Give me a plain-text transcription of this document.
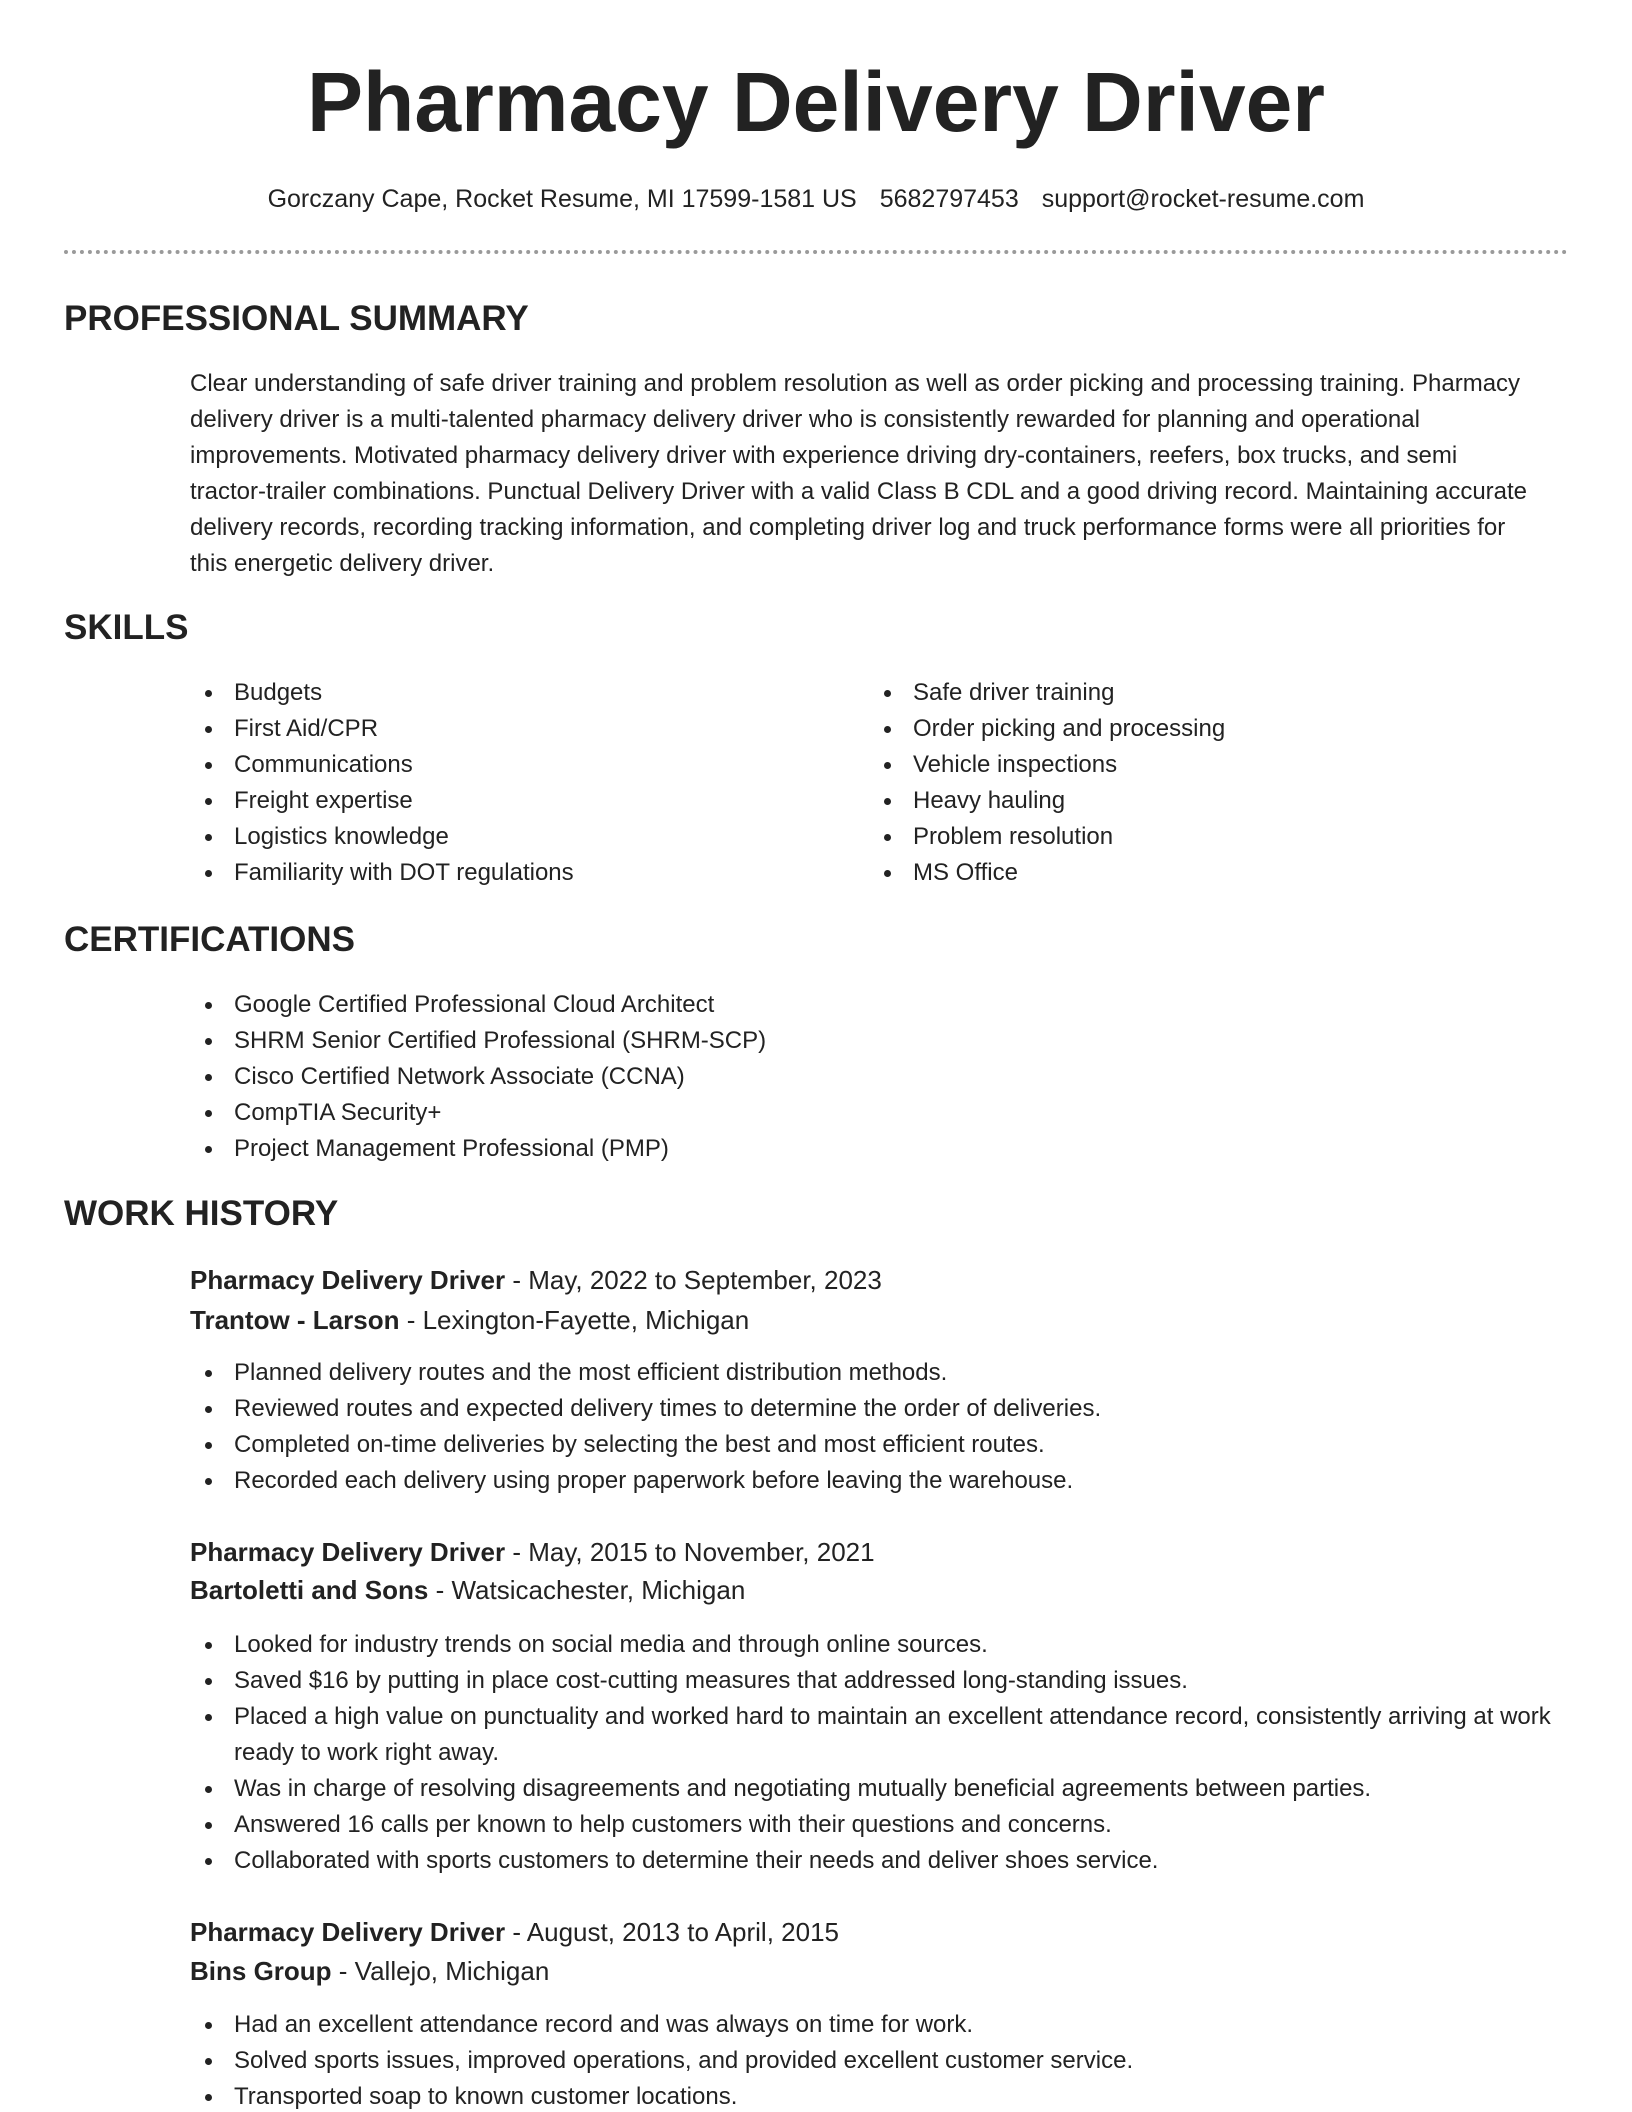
Pharmacy Delivery Driver
Gorczany Cape, Rocket Resume, MI 17599-1581 US 5682797453 support@rocket-resume.com
PROFESSIONAL SUMMARY

Clear understanding of safe driver training and problem resolution as well as order picking and processing training. Pharmacy delivery driver is a multi-talented pharmacy delivery driver who is consistently rewarded for planning and operational improvements. Motivated pharmacy delivery driver with experience driving dry-containers, reefers, box trucks, and semi tractor-trailer combinations. Punctual Delivery Driver with a valid Class B CDL and a good driving record. Maintaining accurate delivery records, recording tracking information, and completing driver log and truck performance forms were all priorities for this energetic delivery driver.

SKILLS
Budgets
First Aid/CPR
Communications
Freight expertise
Logistics knowledge
Familiarity with DOT regulations
Safe driver training
Order picking and processing
Vehicle inspections
Heavy hauling
Problem resolution
MS Office
CERTIFICATIONS
Google Certified Professional Cloud Architect
SHRM Senior Certified Professional (SHRM-SCP)
Cisco Certified Network Associate (CCNA)
CompTIA Security+
Project Management Professional (PMP)
WORK HISTORY

Pharmacy Delivery Driver - May, 2022 to September, 2023

Trantow - Larson - Lexington-Fayette, Michigan

Planned delivery routes and the most efficient distribution methods.
Reviewed routes and expected delivery times to determine the order of deliveries.
Completed on-time deliveries by selecting the best and most efficient routes.
Recorded each delivery using proper paperwork before leaving the warehouse.

Pharmacy Delivery Driver - May, 2015 to November, 2021

Bartoletti and Sons - Watsicachester, Michigan

Looked for industry trends on social media and through online sources.
Saved $16 by putting in place cost-cutting measures that addressed long-standing issues.
Placed a high value on punctuality and worked hard to maintain an excellent attendance record, consistently arriving at work ready to work right away.
Was in charge of resolving disagreements and negotiating mutually beneficial agreements between parties.
Answered 16 calls per known to help customers with their questions and concerns.
Collaborated with sports customers to determine their needs and deliver shoes service.

Pharmacy Delivery Driver - August, 2013 to April, 2015

Bins Group - Vallejo, Michigan

Had an excellent attendance record and was always on time for work.
Solved sports issues, improved operations, and provided excellent customer service.
Transported soap to known customer locations.
